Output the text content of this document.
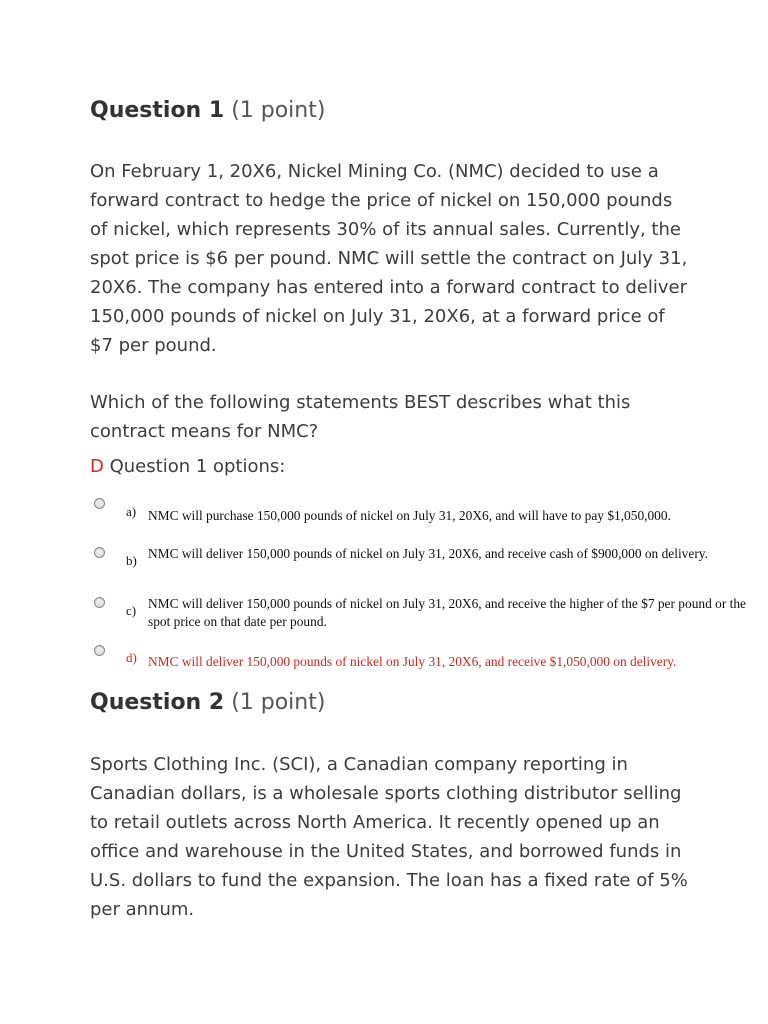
Question 1 (1 point)

On February 1, 20X6, Nickel Mining Co. (NMC) decided to use a forward contract to hedge the price of nickel on 150,000 pounds of nickel, which represents 30% of its annual sales. Currently, the spot price is $6 per pound. NMC will settle the contract on July 31, 20X6. The company has entered into a forward contract to deliver 150,000 pounds of nickel on July 31, 20X6, at a forward price of $7 per pound.

Which of the following statements BEST describes what this contract means for NMC?

D Question 1 options:
a) NMC will purchase 150,000 pounds of nickel on July 31, 20X6, and will have to pay $1,050,000.
b) NMC will deliver 150,000 pounds of nickel on July 31, 20X6, and receive cash of $900,000 on delivery.
c) NMC will deliver 150,000 pounds of nickel on July 31, 20X6, and receive the higher of the $7 per pound or the spot price on that date per pound.
d) NMC will deliver 150,000 pounds of nickel on July 31, 20X6, and receive $1,050,000 on delivery.
Question 2 (1 point)

Sports Clothing Inc. (SCI), a Canadian company reporting in Canadian dollars, is a wholesale sports clothing distributor selling to retail outlets across North America. It recently opened up an office and warehouse in the United States, and borrowed funds in U.S. dollars to fund the expansion. The loan has a fixed rate of 5% per annum.
